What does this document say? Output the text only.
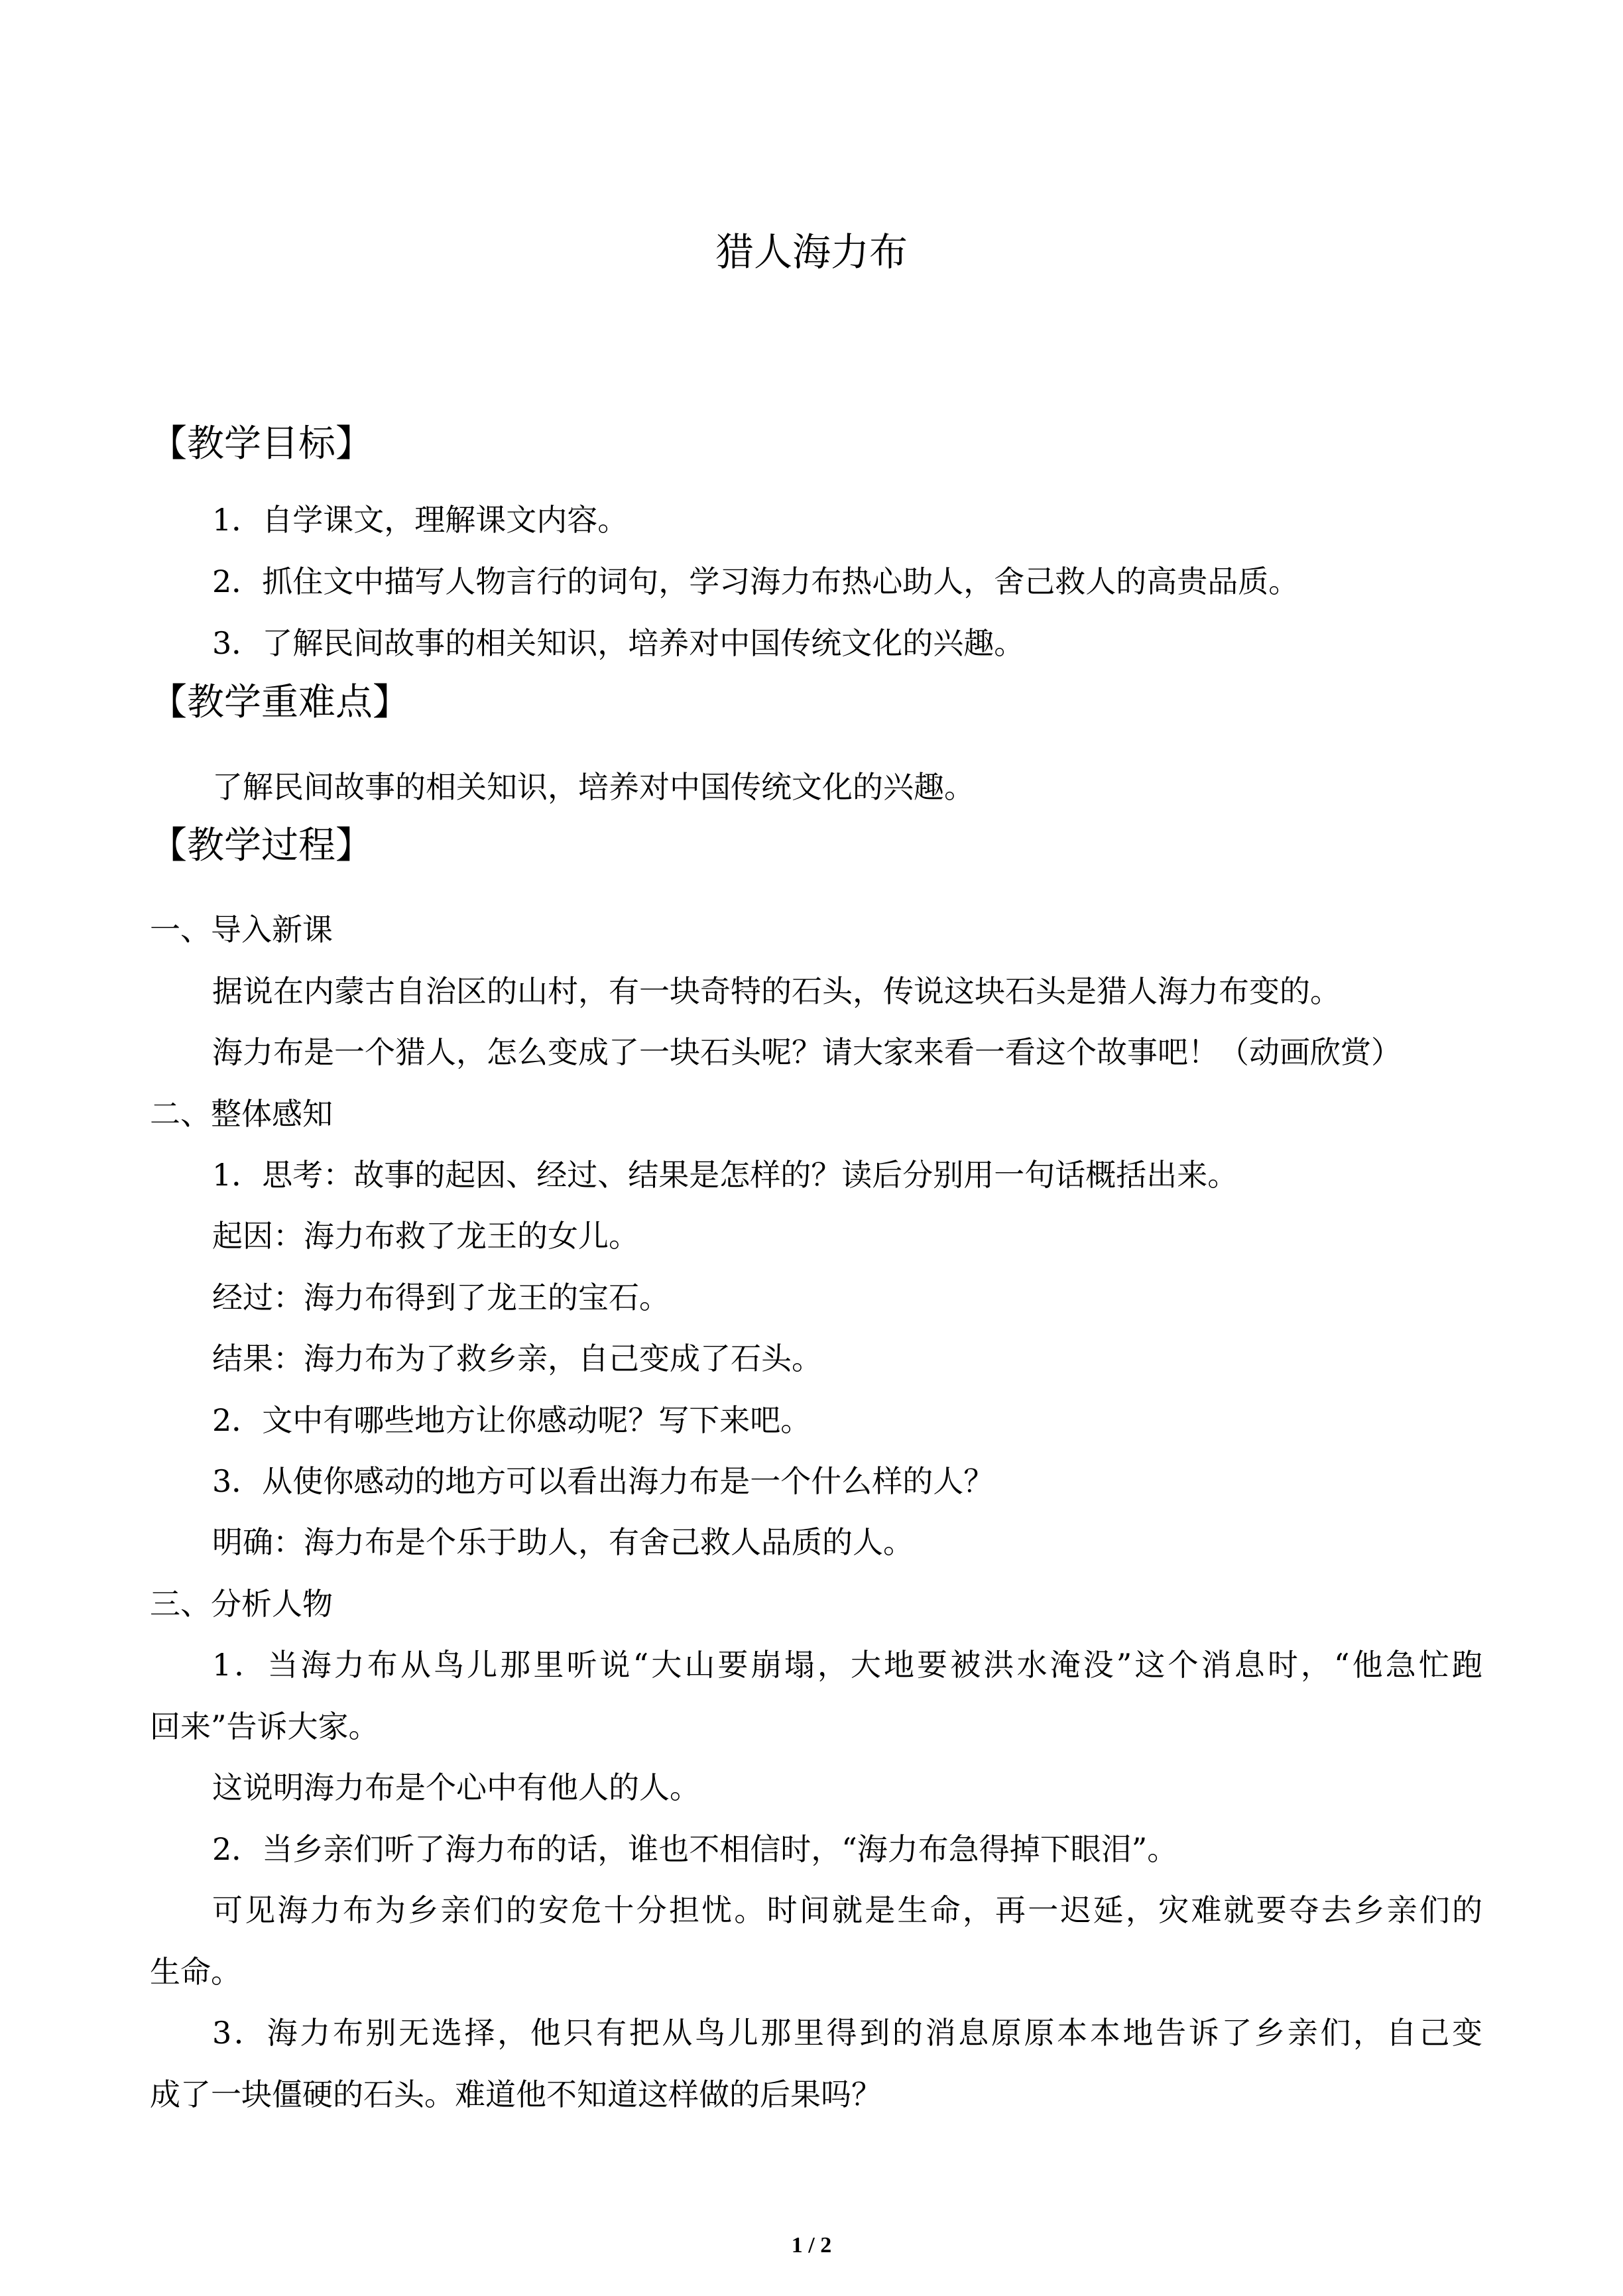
猎人海力布
【教学目标】
1．自学课文，理解课文内容。
2．抓住文中描写人物言行的词句，学习海力布热心助人，舍己救人的高贵品质。
3．了解民间故事的相关知识，培养对中国传统文化的兴趣。
【教学重难点】
了解民间故事的相关知识，培养对中国传统文化的兴趣。
【教学过程】
一、导入新课
据说在内蒙古自治区的山村，有一块奇特的石头，传说这块石头是猎人海力布变的。
海力布是一个猎人，怎么变成了一块石头呢？请大家来看一看这个故事吧！（动画欣赏）
二、整体感知
1．思考：故事的起因、经过、结果是怎样的？读后分别用一句话概括出来。
起因：海力布救了龙王的女儿。
经过：海力布得到了龙王的宝石。
结果：海力布为了救乡亲，自己变成了石头。
2．文中有哪些地方让你感动呢？写下来吧。
3．从使你感动的地方可以看出海力布是一个什么样的人？
明确：海力布是个乐于助人，有舍己救人品质的人。
三、分析人物
1．当海力布从鸟儿那里听说“大山要崩塌，大地要被洪水淹没”这个消息时，“他急忙跑
回来”告诉大家。
这说明海力布是个心中有他人的人。
2．当乡亲们听了海力布的话，谁也不相信时，“海力布急得掉下眼泪”。
可见海力布为乡亲们的安危十分担忧。时间就是生命，再一迟延，灾难就要夺去乡亲们的
生命。
3．海力布别无选择，他只有把从鸟儿那里得到的消息原原本本地告诉了乡亲们，自己变
成了一块僵硬的石头。难道他不知道这样做的后果吗？
1 / 2
